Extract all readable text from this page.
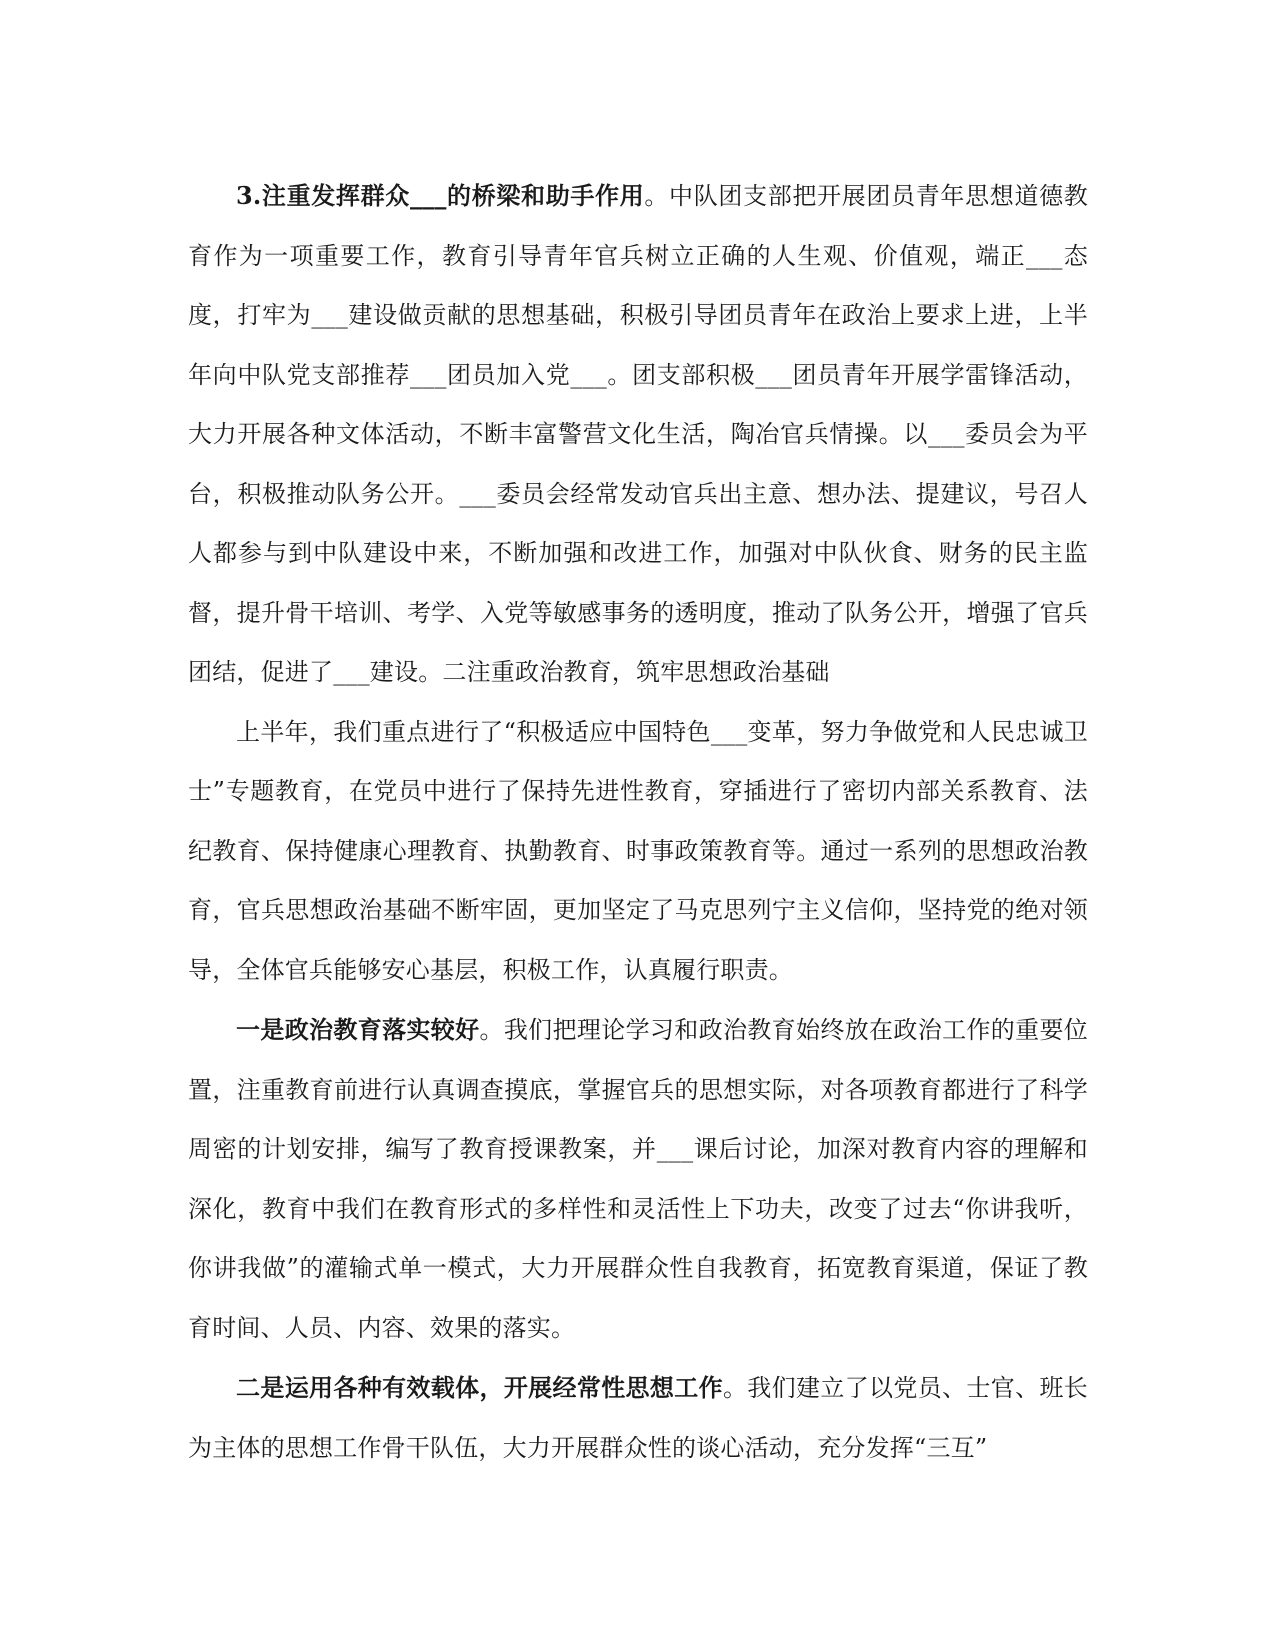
3.注重发挥群众___的桥梁和助手作用。中队团支部把开展团员青年思想道德教育作为一项重要工作，教育引导青年官兵树立正确的人生观、价值观，端正___态度，打牢为___建设做贡献的思想基础，积极引导团员青年在政治上要求上进，上半年向中队党支部推荐___团员加入党___。团支部积极___团员青年开展学雷锋活动，大力开展各种文体活动，不断丰富警营文化生活，陶冶官兵情操。以___委员会为平台，积极推动队务公开。___委员会经常发动官兵出主意、想办法、提建议，号召人人都参与到中队建设中来，不断加强和改进工作，加强对中队伙食、财务的民主监督，提升骨干培训、考学、入党等敏感事务的透明度，推动了队务公开，增强了官兵团结，促进了___建设。二注重政治教育，筑牢思想政治基础

上半年，我们重点进行了“积极适应中国特色___变革，努力争做党和人民忠诚卫士”专题教育，在党员中进行了保持先进性教育，穿插进行了密切内部关系教育、法纪教育、保持健康心理教育、执勤教育、时事政策教育等。通过一系列的思想政治教育，官兵思想政治基础不断牢固，更加坚定了马克思列宁主义信仰，坚持党的绝对领导，全体官兵能够安心基层，积极工作，认真履行职责。

一是政治教育落实较好。我们把理论学习和政治教育始终放在政治工作的重要位置，注重教育前进行认真调查摸底，掌握官兵的思想实际，对各项教育都进行了科学周密的计划安排，编写了教育授课教案，并___课后讨论，加深对教育内容的理解和深化，教育中我们在教育形式的多样性和灵活性上下功夫，改变了过去“你讲我听，你讲我做”的灌输式单一模式，大力开展群众性自我教育，拓宽教育渠道，保证了教育时间、人员、内容、效果的落实。

二是运用各种有效载体，开展经常性思想工作。我们建立了以党员、士官、班长为主体的思想工作骨干队伍，大力开展群众性的谈心活动，充分发挥“三互”
